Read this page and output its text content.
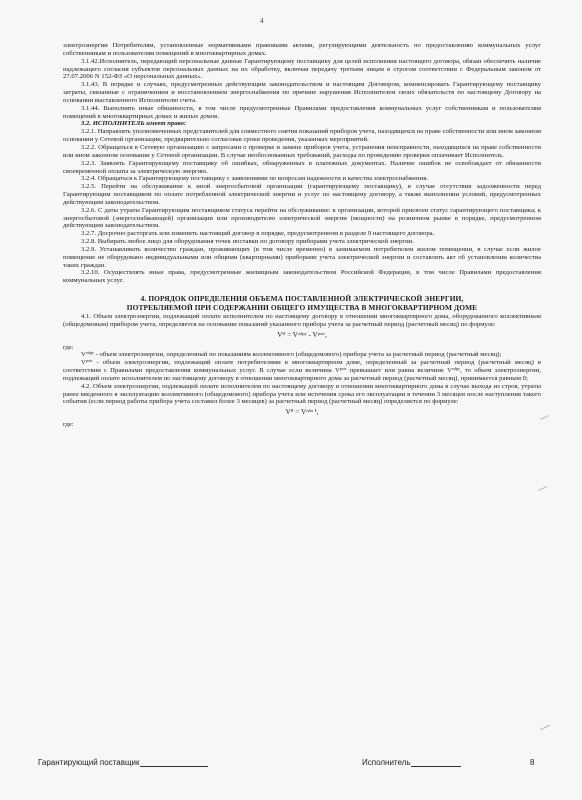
4

электроэнергии Потребителям, установленные нормативными правовыми актами, регулирующими деятельность по предоставлению коммунальных услуг собственникам и пользователям помещений в многоквартирных домах.

3.1.42.Исполнитель, передающий персональные данные Гарантирующему поставщику для целей исполнения настоящего договора, обязан обеспечить наличие надлежащего согласия субъектов персональных данных на их обработку, включая передачу третьим лицам в строгом соответствии с Федеральным законом от 27.07.2006 N 152-ФЗ «О персональных данных».

3.1.43. В порядке и случаях, предусмотренных действующим законодательством и настоящим Договором, компенсировать Гарантирующему поставщику затраты, связанные с ограничением и восстановлением энергоснабжения по причине нарушения Исполнителем своих обязательств по настоящему Договору на основании выставленного Исполнителю счета.

3.1.44. Выполнять иные обязанности, в том числе предусмотренные Правилами предоставления коммунальных услуг собственникам и пользователям помещений в многоквартирных домах и жилых домов.

3.2. ИСПОЛНИТЕЛЬ имеет право:

3.2.1. Направлять уполномоченных представителей для совместного снятия показаний приборов учета, находящихся на праве собственности или ином законном основании у Сетевой организации, предварительно согласовав сроки проведения, указанных мероприятий.

3.2.2. Обращаться в Сетевую организацию с запросами о проверке и замене приборов учета, устранения неисправности, находящихся на праве собственности или ином законном основании у Сетевой организации. В случае необоснованных требований, расходы по проведению проверки оплачивает Исполнитель.

3.2.3. Заявлять Гарантирующему поставщику об ошибках, обнаруженных в платежных документах. Наличие ошибок не освобождает от обязанности своевременной оплаты за электрическую энергию.

3.2.4. Обращаться к Гарантирующему поставщику с заявлениями по вопросам надежности и качества электроснабжения.

3.2.5. Перейти на обслуживание к иной энергосбытовой организации (гарантирующему поставщику), в случае отсутствия задолженности перед Гарантирующим поставщиком по оплате потребленной электрической энергии и услуг по настоящему договору, а также выполнении условий, предусмотренных действующим законодательством.

3.2.6. С даты утраты Гарантирующим поставщиком статуса перейти на обслуживание: к организации, которой присвоен статус гарантирующего поставщика; к энергосбытовой (энергоснабжающей) организации или производителю электрической энергии (мощности) на розничном рынке в порядке, предусмотренном действующим законодательством.

3.2.7. Досрочно расторгать или изменить настоящий договор в порядке, предусмотренном в разделе 9 настоящего договора.

3.2.8. Выбирать любое лицо для оборудования точек поставки по договору приборами учета электрической энергии.

3.2.9. Устанавливать количество граждан, проживающих (в том числе временно) в занимаемом потребителем жилом помещении, в случае если жилое помещение не оборудовано индивидуальными или общими (квартирными) приборами учета электрической энергии и составлять акт об установлении количества таких граждан.

3.2.10. Осуществлять иные права, предусмотренные жилищным законодательством Российской Федерации, в том числе Правилами предоставления коммунальных услуг.

4. ПОРЯДОК ОПРЕДЕЛЕНИЯ ОБЪЕМА ПОСТАВЛЕННОЙ ЭЛЕКТРИЧЕСКОЙ ЭНЕРГИИ,
ПОТРЕБЛЯЕМОЙ ПРИ СОДЕРЖАНИИ ОБЩЕГО ИМУЩЕСТВА В МНОГОКВАРТИРНОМ ДОМЕ

4.1. Объем электроэнергии, подлежащий оплате исполнителем по настоящему договору в отношении многоквартирного дома, оборудованного коллективным (общедомовым) прибором учета, определяется на основании показаний указанного прибора учета за расчетный период (расчетный месяц) по формуле:

Vᴵᴵ = Vᵒᵈᵖʸ - Vᵖᵒᵗʳ,

где:

Vᵒᵈᵖʸ - объем электроэнергии, определенный по показаниям коллективного (общедомового) прибора учета за расчетный период (расчетный месяц);

Vᵖᵒᵗʳ - объем электроэнергии, подлежащий оплате потребителями в многоквартирном доме, определенный за расчетный период (расчетный месяц) в соответствии с Правилами предоставления коммунальных услуг. В случае если величина Vᵖᵒᵗʳ превышает или равна величине Vᵒᵈᵖʸ, то объем электроэнергии, подлежащий оплате исполнителем по настоящему договору в отношении многоквартирного дома за расчетный период (расчетный месяц), принимается равным 0;

4.2. Объем электроэнергии, подлежащей оплате исполнителем по настоящему договору в отношении многоквартирного дома в случае выхода из строя, утраты ранее введенного в эксплуатацию коллективного (общедомового) прибора учета или истечения срока его эксплуатации в течении 3 месяцев после наступления такого события (если период работы прибора учета составил более 3 месяцев) за расчетный период (расчетный месяц) определяется по формуле:

Vᴵᴵ = Vᵒᵈⁿ ¹,

где:

Гарантирующий поставщик	Исполнитель	8
